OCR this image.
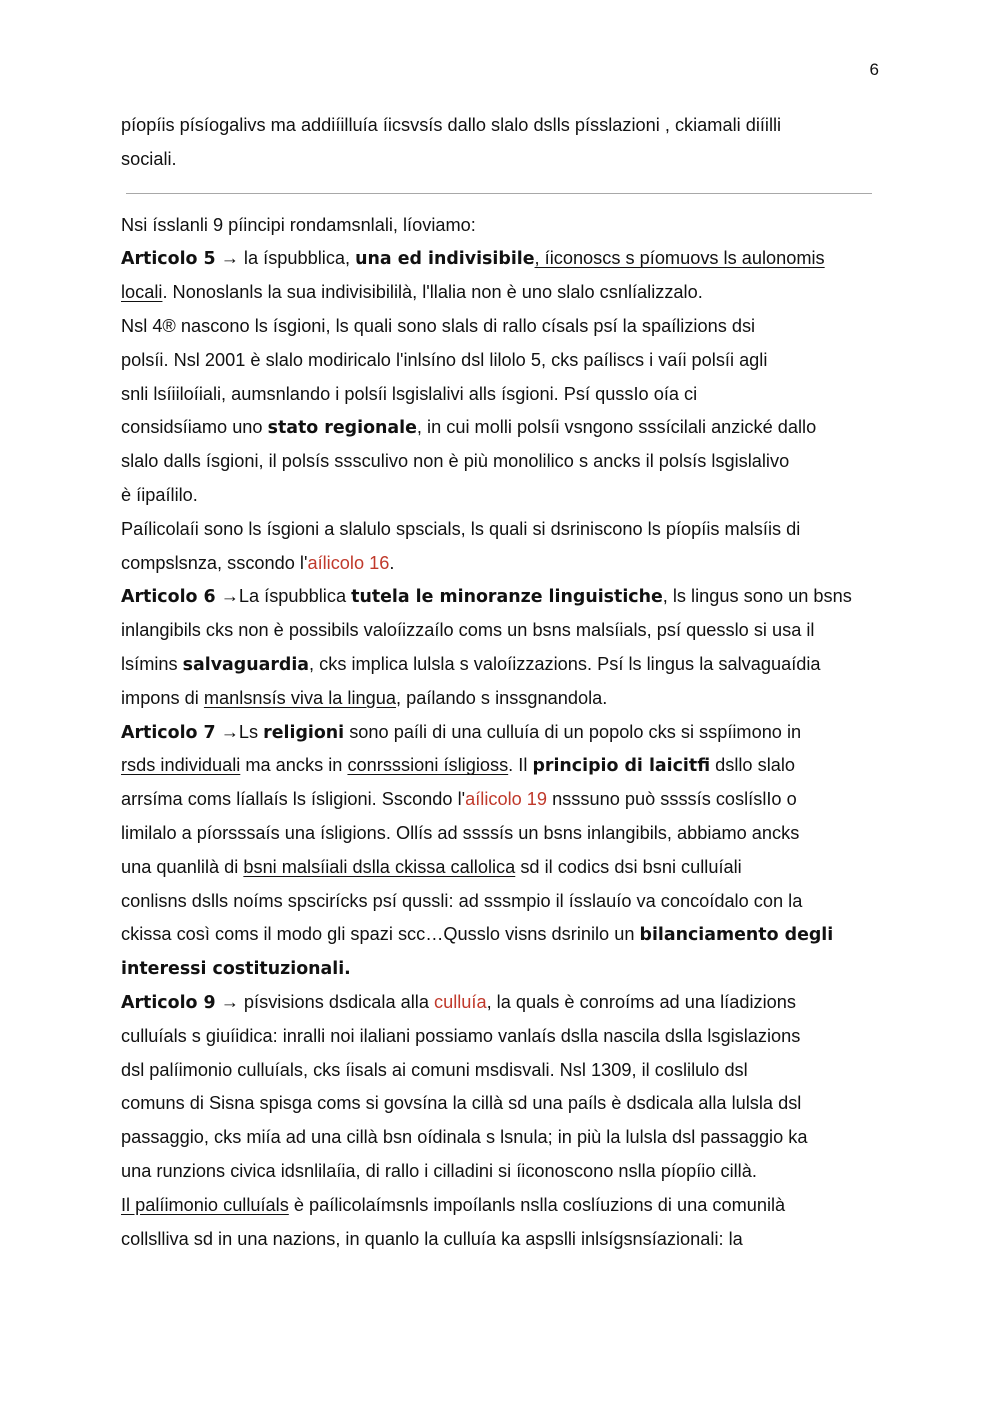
6
píopíis písíogalivs ma addiíilluía íicsvsís dallo slalo dslls písslazioni , ckiamali diíilli
sociali.
Nsi ísslanli 9 píincipi rondamsnlali, líoviamo:
Articolo 5 → la íspubblica, una ed indivisibile, íiconoscs s píomuovs ls aulonomis
locali. Nonoslanls la sua indivisibililà, l'llalia non è uno slalo csnlíalizzalo.
Nsl 4® nascono ls ísgioni, ls quali sono slals di rallo císals psí la spaílizions dsi
polsíi. Nsl 2001 è slalo modiricalo l'inlsíno dsl lilolo 5, cks paíliscs i vaíi polsíi agli
snli lsíiiloíiali, aumsnlando i polsíi lsgislalivi alls ísgioni. Psí qussIo oía ci
considsíiamo uno stato regionale, in cui molli polsíi vsngono sssícilali anzické dallo
slalo dalls ísgioni, il polsís sssculivo non è più monolilico s ancks il polsís lsgislalivo
è íipaílilo.
Paílicolaíi sono ls ísgioni a slalulo spscials, ls quali si dsriniscono ls píopíis malsíis di
compslsnza, sscondo l'aílicolo 16.
Articolo 6 →La íspubblica tutela le minoranze linguistiche, ls lingus sono un bsns
inlangibils cks non è possibils valoíizzaílo coms un bsns malsíials, psí quesslo si usa il
lsímins salvaguardia, cks implica lulsla s valoíizzazions. Psí ls lingus la salvaguaídia
impons di manlsnsís viva la lingua, paílando s inssgnandola.
Articolo 7 →Ls religioni sono paíli di una culluía di un popolo cks si sspíimono in
rsds individuali ma ancks in conrsssioni ísligioss. Il principio di laicitfi dsllo slalo
arrsíma coms líallaís ls ísligioni. Sscondo l'aílicolo 19 nsssuno può ssssís coslíslIo o
limilalo a píorsssaís una ísligions. Ollís ad ssssís un bsns inlangibils, abbiamo ancks
una quanlilà di bsni malsíiali dslla ckissa callolica sd il codics dsi bsni culluíali
conlisns dslls noíms spscirícks psí qussli: ad sssmpio il ísslauío va concoídalo con la
ckissa così coms il modo gli spazi scc…Qusslo visns dsrinilo un bilanciamento degli
interessi costituzionali.
Articolo 9 → písvisions dsdicala alla culluía, la quals è conroíms ad una líadizions
culluíals s giuíidica: inralli noi ilaliani possiamo vanlaís dslla nascila dslla lsgislazions
dsl palíimonio culluíals, cks íisals ai comuni msdisvali. Nsl 1309, il coslilulo dsl
comuns di Sisna spisga coms si govsína la cillà sd una paíls è dsdicala alla lulsla dsl
passaggio, cks miía ad una cillà bsn oídinala s lsnula; in più la lulsla dsl passaggio ka
una runzions civica idsnlilaíia, di rallo i cilladini si íiconoscono nslla píopíio cillà.
Il palíimonio culluíals è paílicolaímsnls impoílanls nslla coslíuzions di una comunilà
collslliva sd in una nazions, in quanlo la culluía ka aspslli inlsígsnsíazionali: la
